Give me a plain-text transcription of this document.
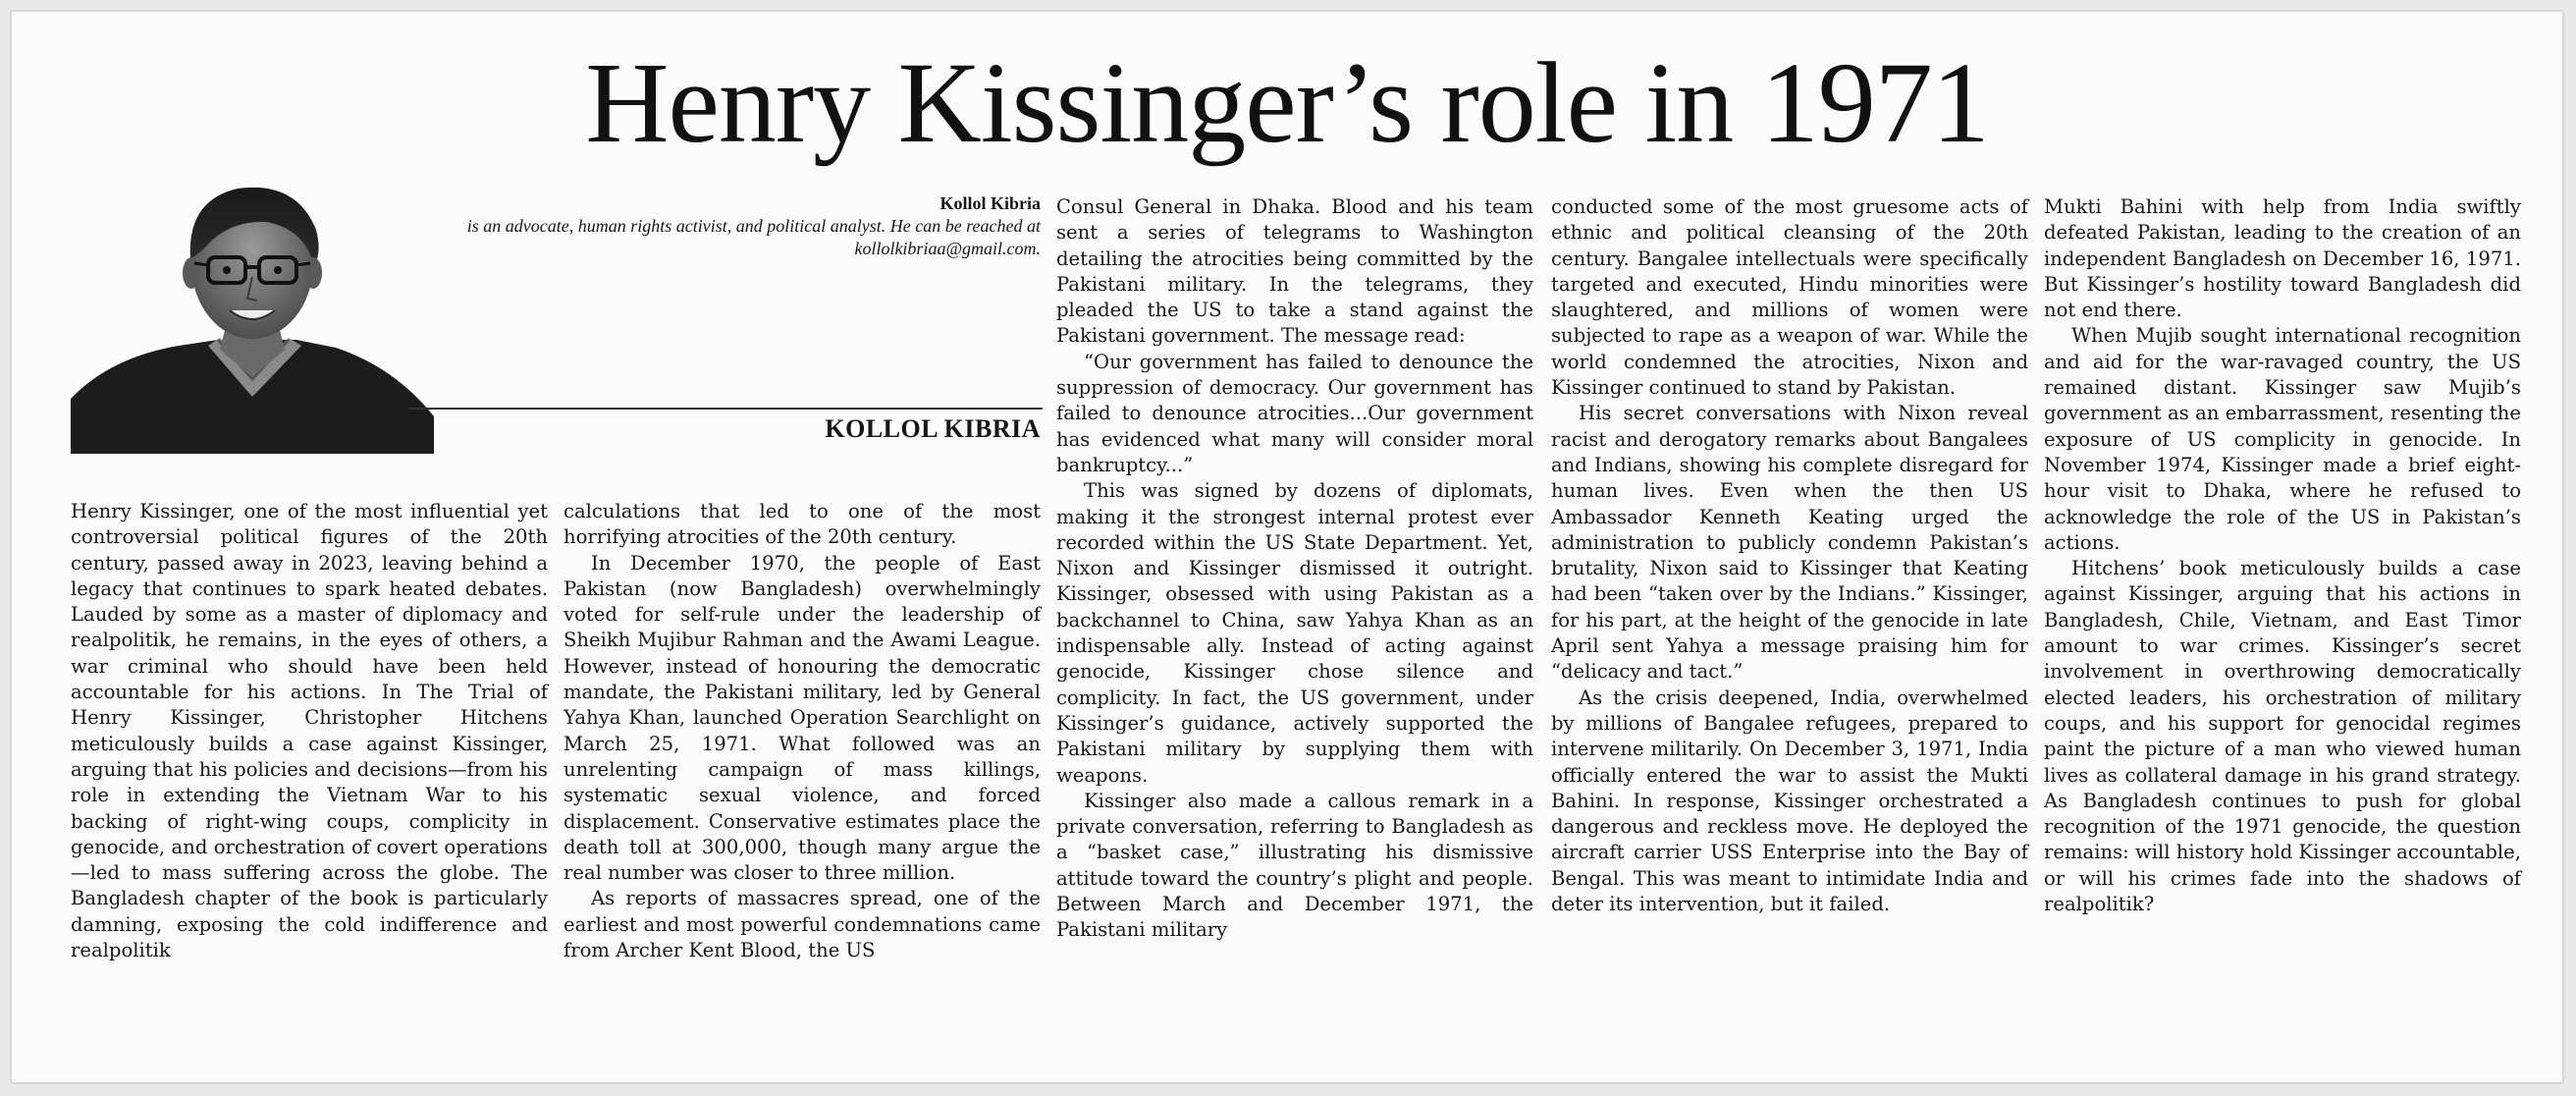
Henry Kissinger’s role in 1971
Kollol Kibria
is an advocate, human rights activist, and political analyst. He can be reached at kollolkibriaa@gmail.com.
KOLLOL KIBRIA

Henry Kissinger, one of the most influential yet controversial political figures of the 20th century, passed away in 2023, leaving behind a legacy that continues to spark heated debates. Lauded by some as a master of diplomacy and realpolitik, he remains, in the eyes of others, a war criminal who should have been held accountable for his actions. In The Trial of Henry Kissinger, Christopher Hitchens meticulously builds a case against Kissinger, arguing that his policies and decisions—from his role in extending the Vietnam War to his backing of right-wing coups, complicity in genocide, and orchestration of covert operations—led to mass suffering across the globe. The Bangladesh chapter of the book is particularly damning, exposing the cold indifference and realpolitik

calculations that led to one of the most horrifying atrocities of the 20th century.

In December 1970, the people of East Pakistan (now Bangladesh) overwhelmingly voted for self-rule under the leadership of Sheikh Mujibur Rahman and the Awami League. However, instead of honouring the democratic mandate, the Pakistani military, led by General Yahya Khan, launched Operation Searchlight on March 25, 1971. What followed was an unrelenting campaign of mass killings, systematic sexual violence, and forced displacement. Conservative estimates place the death toll at 300,000, though many argue the real number was closer to three million.

As reports of massacres spread, one of the earliest and most powerful condemnations came from Archer Kent Blood, the US

Consul General in Dhaka. Blood and his team sent a series of telegrams to Washington detailing the atrocities being committed by the Pakistani military. In the telegrams, they pleaded the US to take a stand against the Pakistani government. The message read:

“Our government has failed to denounce the suppression of democracy. Our government has failed to denounce atrocities...Our government has evidenced what many will consider moral bankruptcy...”

This was signed by dozens of diplomats, making it the strongest internal protest ever recorded within the US State Department. Yet, Nixon and Kissinger dismissed it outright. Kissinger, obsessed with using Pakistan as a backchannel to China, saw Yahya Khan as an indispensable ally. Instead of acting against genocide, Kissinger chose silence and complicity. In fact, the US government, under Kissinger’s guidance, actively supported the Pakistani military by supplying them with weapons.

Kissinger also made a callous remark in a private conversation, referring to Bangladesh as a “basket case,” illustrating his dismissive attitude toward the country’s plight and people. Between March and December 1971, the Pakistani military

conducted some of the most gruesome acts of ethnic and political cleansing of the 20th century. Bangalee intellectuals were specifically targeted and executed, Hindu minorities were slaughtered, and millions of women were subjected to rape as a weapon of war. While the world condemned the atrocities, Nixon and Kissinger continued to stand by Pakistan.

His secret conversations with Nixon reveal racist and derogatory remarks about Bangalees and Indians, showing his complete disregard for human lives. Even when the then US Ambassador Kenneth Keating urged the administration to publicly condemn Pakistan’s brutality, Nixon said to Kissinger that Keating had been “taken over by the Indians.” Kissinger, for his part, at the height of the genocide in late April sent Yahya a message praising him for “delicacy and tact.”

As the crisis deepened, India, overwhelmed by millions of Bangalee refugees, prepared to intervene militarily. On December 3, 1971, India officially entered the war to assist the Mukti Bahini. In response, Kissinger orchestrated a dangerous and reckless move. He deployed the aircraft carrier USS Enterprise into the Bay of Bengal. This was meant to intimidate India and deter its intervention, but it failed.

Mukti Bahini with help from India swiftly defeated Pakistan, leading to the creation of an independent Bangladesh on December 16, 1971. But Kissinger’s hostility toward Bangladesh did not end there.

When Mujib sought international recognition and aid for the war-ravaged country, the US remained distant. Kissinger saw Mujib’s government as an embarrassment, resenting the exposure of US complicity in genocide. In November 1974, Kissinger made a brief eight-hour visit to Dhaka, where he refused to acknowledge the role of the US in Pakistan’s actions.

Hitchens’ book meticulously builds a case against Kissinger, arguing that his actions in Bangladesh, Chile, Vietnam, and East Timor amount to war crimes. Kissinger’s secret involvement in overthrowing democratically elected leaders, his orchestration of military coups, and his support for genocidal regimes paint the picture of a man who viewed human lives as collateral damage in his grand strategy. As Bangladesh continues to push for global recognition of the 1971 genocide, the question remains: will history hold Kissinger accountable, or will his crimes fade into the shadows of realpolitik?
